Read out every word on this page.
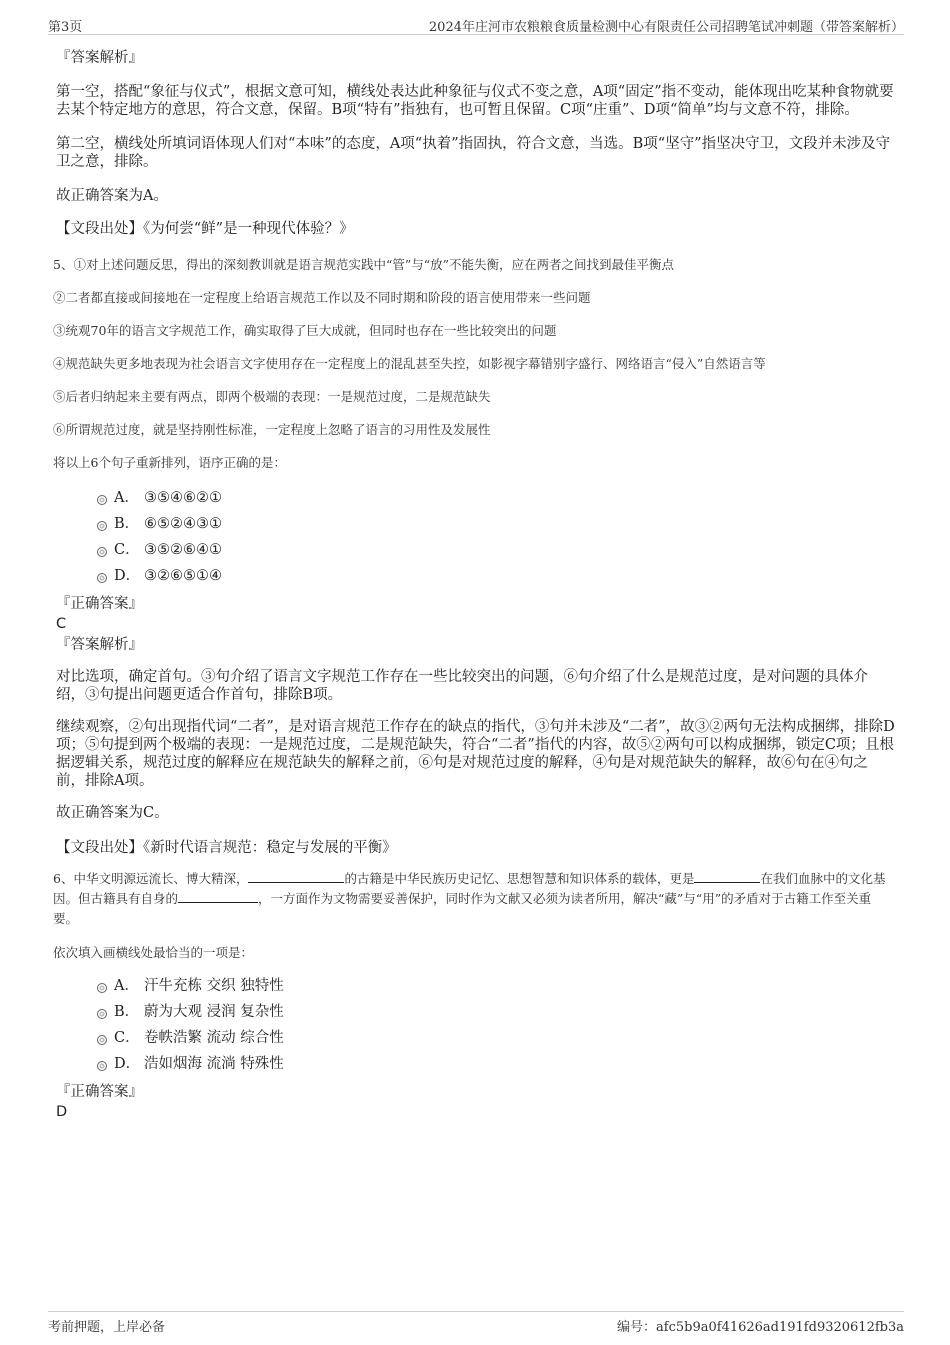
第3页	2024年庄河市农粮粮食质量检测中心有限责任公司招聘笔试冲刺题（带答案解析）

『答案解析』

第一空，搭配“象征与仪式”，根据文意可知，横线处表达此种象征与仪式不变之意，A项“固定”指不变动，能体现出吃某种食物就要去某个特定地方的意思，符合文意，保留。B项“特有”指独有，也可暂且保留。C项“庄重”、D项“简单”均与文意不符，排除。

第二空，横线处所填词语体现人们对“本味”的态度，A项“执着”指固执，符合文意，当选。B项“坚守”指坚决守卫，文段并未涉及守卫之意，排除。

故正确答案为A。

【文段出处】《为何尝“鲜”是一种现代体验？》

5、①对上述问题反思，得出的深刻教训就是语言规范实践中“管”与“放”不能失衡，应在两者之间找到最佳平衡点

②二者都直接或间接地在一定程度上给语言规范工作以及不同时期和阶段的语言使用带来一些问题

③统观70年的语言文字规范工作，确实取得了巨大成就，但同时也存在一些比较突出的问题

④规范缺失更多地表现为社会语言文字使用存在一定程度上的混乱甚至失控，如影视字幕错别字盛行、网络语言“侵入”自然语言等

⑤后者归纳起来主要有两点，即两个极端的表现：一是规范过度，二是规范缺失

⑥所谓规范过度，就是坚持刚性标准，一定程度上忽略了语言的习用性及发展性

将以上6个句子重新排列，语序正确的是：

A． ③⑤④⑥②①
B． ⑥⑤②④③①
C． ③⑤②⑥④①
D． ③②⑥⑤①④

『正确答案』

C

『答案解析』

对比选项，确定首句。③句介绍了语言文字规范工作存在一些比较突出的问题，⑥句介绍了什么是规范过度，是对问题的具体介绍，③句提出问题更适合作首句，排除B项。

继续观察，②句出现指代词“二者”，是对语言规范工作存在的缺点的指代，③句并未涉及“二者”，故③②两句无法构成捆绑，排除D项；⑤句提到两个极端的表现：一是规范过度，二是规范缺失，符合“二者”指代的内容，故⑤②两句可以构成捆绑，锁定C项；且根据逻辑关系，规范过度的解释应在规范缺失的解释之前，⑥句是对规范过度的解释，④句是对规范缺失的解释，故⑥句在④句之前，排除A项。

故正确答案为C。

【文段出处】《新时代语言规范：稳定与发展的平衡》

6、中华文明源远流长、博大精深，	的古籍是中华民族历史记忆、思想智慧和知识体系的载体，更是	在我们血脉中的文化基因。但古籍具有自身的	，一方面作为文物需要妥善保护，同时作为文献又必须为读者所用，解决“藏”与“用”的矛盾对于古籍工作至关重要。

依次填入画横线处最恰当的一项是：

A． 汗牛充栋 交织 独特性
B． 蔚为大观 浸润 复杂性
C． 卷帙浩繁 流动 综合性
D． 浩如烟海 流淌 特殊性

『正确答案』

D

考前押题，上岸必备	编号：afc5b9a0f41626ad191fd9320612fb3a
